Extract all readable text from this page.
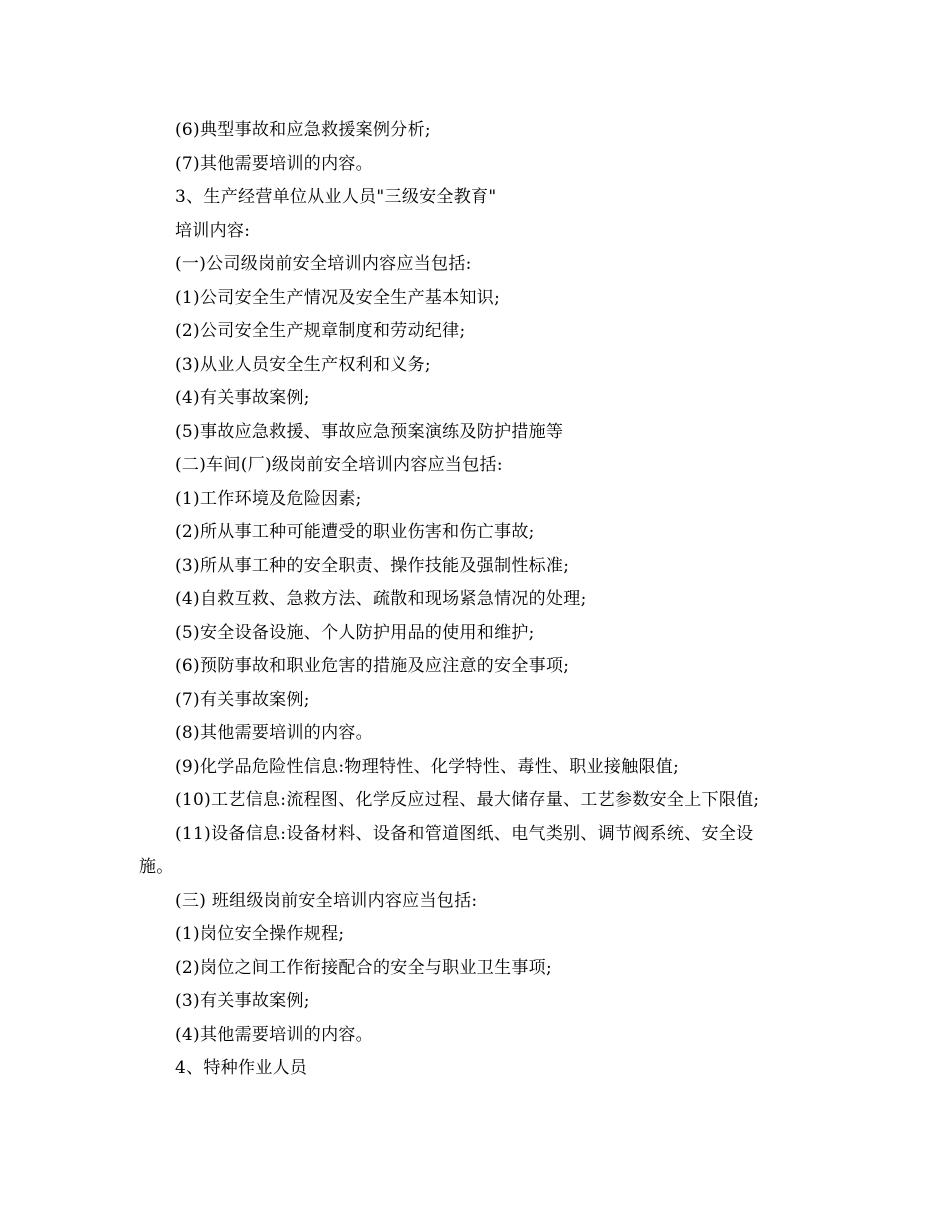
(6)典型事故和应急救援案例分析;
(7)其他需要培训的内容。
3、生产经营单位从业人员"三级安全教育"
培训内容:
(一)公司级岗前安全培训内容应当包括:
(1)公司安全生产情况及安全生产基本知识;
(2)公司安全生产规章制度和劳动纪律;
(3)从业人员安全生产权利和义务;
(4)有关事故案例;
(5)事故应急救援、事故应急预案演练及防护措施等
(二)车间(厂)级岗前安全培训内容应当包括:
(1)工作环境及危险因素;
(2)所从事工种可能遭受的职业伤害和伤亡事故;
(3)所从事工种的安全职责、操作技能及强制性标准;
(4)自救互救、急救方法、疏散和现场紧急情况的处理;
(5)安全设备设施、个人防护用品的使用和维护;
(6)预防事故和职业危害的措施及应注意的安全事项;
(7)有关事故案例;
(8)其他需要培训的内容。
(9)化学品危险性信息:物理特性、化学特性、毒性、职业接触限值;
(10)工艺信息:流程图、化学反应过程、最大储存量、工艺参数安全上下限值;
(11)设备信息:设备材料、设备和管道图纸、电气类别、调节阀系统、安全设
施。
(三) 班组级岗前安全培训内容应当包括:
(1)岗位安全操作规程;
(2)岗位之间工作衔接配合的安全与职业卫生事项;
(3)有关事故案例;
(4)其他需要培训的内容。
4、特种作业人员
